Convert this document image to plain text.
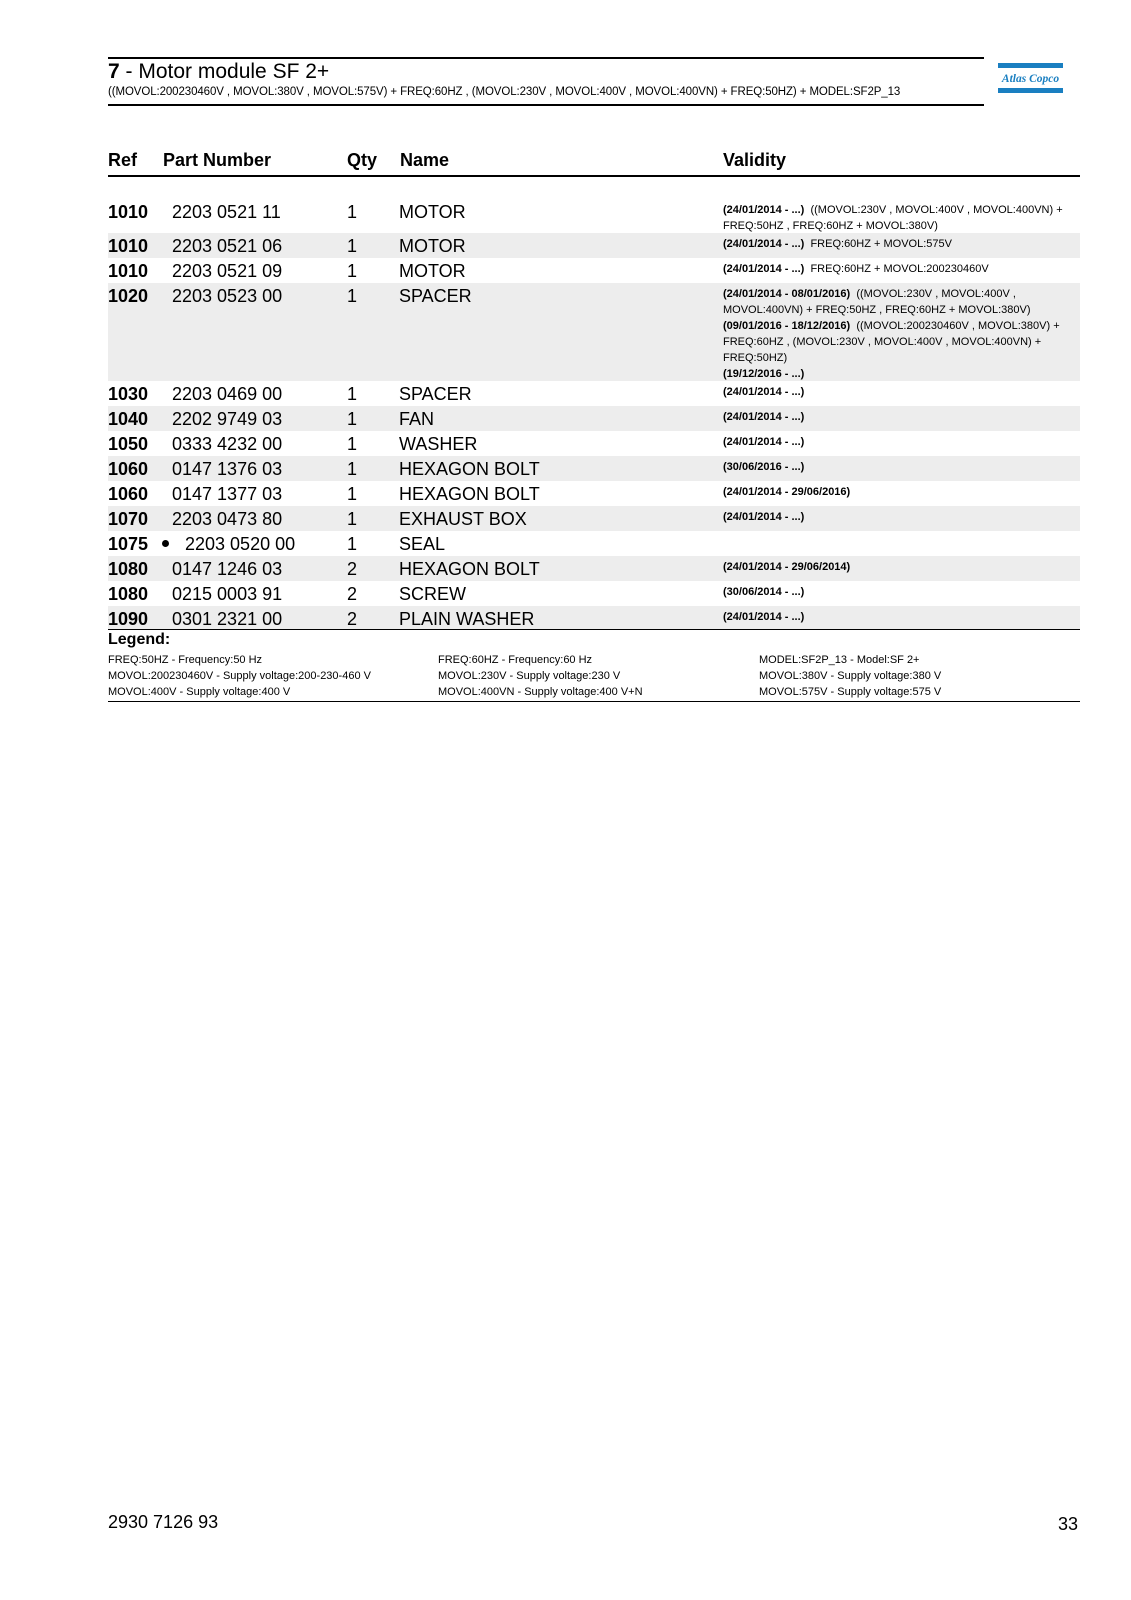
7 - Motor module SF 2+
((MOVOL:200230460V , MOVOL:380V , MOVOL:575V) + FREQ:60HZ , (MOVOL:230V , MOVOL:400V , MOVOL:400VN) + FREQ:50HZ) + MODEL:SF2P_13
Atlas Copco
Ref Part Number	Qty Name	Validity
1010 2203 0521 11	1 MOTOR	(24/01/2014 - ...) ((MOVOL:230V , MOVOL:400V , MOVOL:400VN) + FREQ:50HZ , FREQ:60HZ + MOVOL:380V)
1010 2203 0521 06	1 MOTOR	(24/01/2014 - ...) FREQ:60HZ + MOVOL:575V
1010 2203 0521 09	1 MOTOR	(24/01/2014 - ...) FREQ:60HZ + MOVOL:200230460V
1020 2203 0523 00	1 SPACER	(24/01/2014 - 08/01/2016) ((MOVOL:230V , MOVOL:400V , MOVOL:400VN) + FREQ:50HZ , FREQ:60HZ + MOVOL:380V)
(09/01/2016 - 18/12/2016) ((MOVOL:200230460V , MOVOL:380V) + FREQ:60HZ , (MOVOL:230V , MOVOL:400V , MOVOL:400VN) + FREQ:50HZ)
(19/12/2016 - ...)
1030 2203 0469 00	1 SPACER	(24/01/2014 - ...)
1040 2202 9749 03	1 FAN	(24/01/2014 - ...)
1050 0333 4232 00	1 WASHER	(24/01/2014 - ...)
1060 0147 1376 03	1 HEXAGON BOLT	(30/06/2016 - ...)
1060 0147 1377 03	1 HEXAGON BOLT	(24/01/2014 - 29/06/2016)
1070 2203 0473 80	1 EXHAUST BOX	(24/01/2014 - ...)
1075 2203 0520 00	1 SEAL
1080 0147 1246 03	2 HEXAGON BOLT	(24/01/2014 - 29/06/2014)
1080 0215 0003 91	2 SCREW	(30/06/2014 - ...)
1090 0301 2321 00	2 PLAIN WASHER	(24/01/2014 - ...)
Legend:
FREQ:50HZ - Frequency:50 Hz	FREQ:60HZ - Frequency:60 Hz	MODEL:SF2P_13 - Model:SF 2+
MOVOL:200230460V - Supply voltage:200-230-460 V	MOVOL:230V - Supply voltage:230 V	MOVOL:380V - Supply voltage:380 V
MOVOL:400V - Supply voltage:400 V	MOVOL:400VN - Supply voltage:400 V+N	MOVOL:575V - Supply voltage:575 V
2930 7126 93	33
